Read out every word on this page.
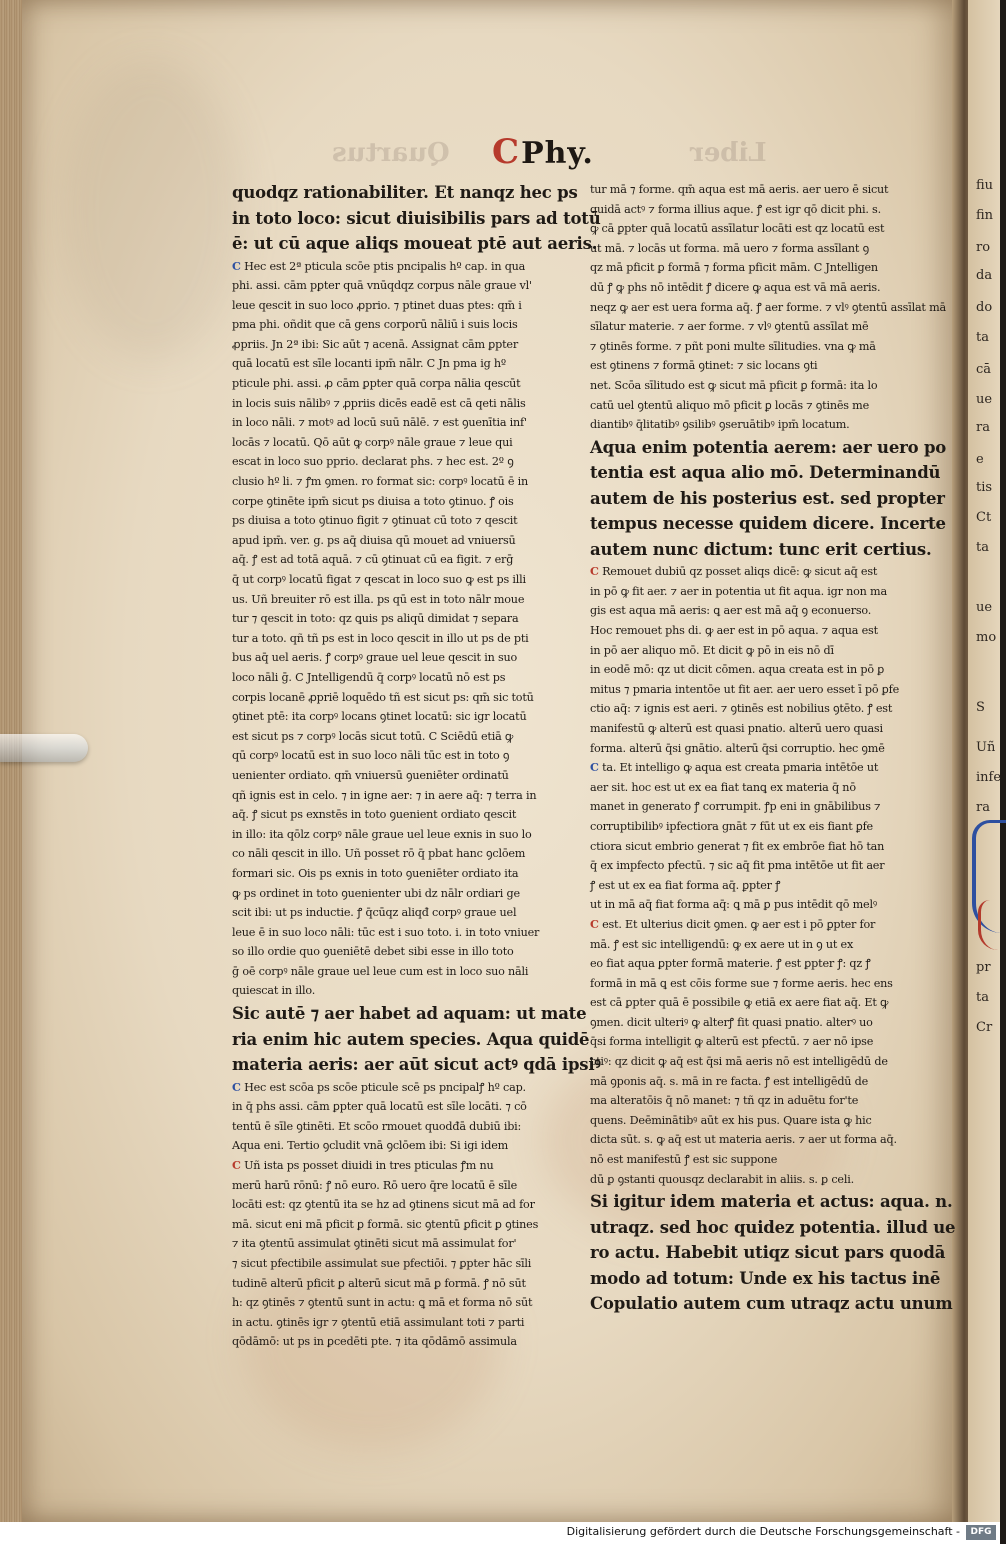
fiu
fin
ro
da
do
ta
cā
ue
ra
e
tis
Ct
ta
ue
mo
S
Uñ
infe
ra
pr
ta
Cr
Quartus	Liber
CPhy.
quodqz rationabiliter. Et nanqz hec ps
in toto loco: sicut diuisibilis pars ad totū
ē: ut cū aque aliqs moueat ptē aut aeris.
C Hec est 2ª pticula scōe ptis pncipalis hº cap. in qua
phi. assi. cām pꝑter quā vnūqdqz corpus nāle graue vl'
leue qescit in suo loco ꝓprio. ⁊ ptinet duas ptes: qm̄ i
pma phi. oñdit que cā gens corporū nāliū i suis locis
ꝓpriis. Jn 2ª ibi: Sic aūt ⁊ acenā. Assignat cām ꝑpter
quā locatū est sīle locanti ipm̄ nālr. C Jn pma ig hº
pticule phi. assi. ꝓ cām ꝑpter quā corpa nālia qescūt
in locis suis nālibꝰ ⁊ ꝓpriis dicēs eadē est cā qeti nālis
in loco nāli. ⁊ motꝰ ad locū suū nālē. ⁊ est ꝯuenītia inf'
locās ⁊ locatū. Qō aūt ꝙ corpꝰ nāle graue ⁊ leue qui
escat in loco suo pprio. declarat phs. ⁊ hec est. 2º ꝯ
clusio hº li. ⁊ ꝭm ꝯmen. ro format sic: corpꝰ locatū ē in
corpe ꝯtinēte ipm̄ sicut ps diuisa a toto ꝯtinuo. ꝭ ois
ps diuisa a toto ꝯtinuo figit ⁊ ꝯtinuat cū toto ⁊ qescit
apud ipm̄. ver. g. ps aq̄ diuisa qū mouet ad vniuersū
aq̄. ꝭ est ad totā aquā. ⁊ cū ꝯtinuat cū ea figit. ⁊ erḡ
q̄ ut corpꝰ locatū figat ⁊ qescat in loco suo ꝙ est ps illi
us. Uñ breuiter rō est illa. ps qū est in toto nālr moue
tur ⁊ qescit in toto: qz ꝗuis ps aliqū dimidat ⁊ separa
tur a toto. qñ tñ ps est in loco qescit in illo ut ps de pti
bus aq̄ uel aeris. ꝭ corpꝰ graue uel leue qescit in suo
loco nāli ḡ. C Jntelligendū q̄ corpꝰ locatū nō est ps
corpis locanē ꝓpriē loquēdo tñ est sicut ps: qm̄ sic totū
ꝯtinet ptē: ita corpꝰ locans ꝯtinet locatū: sic igr locatū
est sicut ps ⁊ corpꝰ locās sicut totū. C Sciēdū etiā ꝙ
qū corpꝰ locatū est in suo loco nāli tūc est in toto ꝯ
uenienter ordiato. qm̄ vniuersū ꝯueniēter ordinatū
qñ ignis est in celo. ⁊ in igne aer: ⁊ in aere aq̄: ⁊ terra in
aq̄. ꝭ sicut ps exnstēs in toto ꝯuenient ordiato qescit
in illo: ita qōlz corpꝰ nāle graue uel leue exnis in suo lo
co nāli qescit in illo. Uñ posset rō q̄ pbat hanc ꝯclōem
formari sic. Ois ps exnis in toto ꝯueniēter ordiato ita
ꝙ ps ordinet in toto ꝯuenienter ubi dz nālr ordiari ge
scit ibi: ut ps inductie. ꝭ q̄cūqz aliqđ corpꝰ graue uel
leue ē in suo loco nāli: tūc est i suo toto. i. in toto vniuer
so illo ordie quo ꝯueniētē debet sibi esse in illo toto
ḡ oē corpꝰ nāle graue uel leue cum est in loco suo nāli
quiescat in illo.
Sic autē ⁊ aer habet ad aquam: ut mate
ria enim hic autem species. Aqua quidē
materia aeris: aer aūt sicut actꝰ qdā ipsiꝰ
C Hec est scōa ps scōe pticule scē ps pncipalꝭ hº cap.
in q̄ phs assi. cām ꝑpter quā locatū est sīle locāti. ⁊ cō
tentū ē sīle ꝯtinēti. Et scōo rmouet quodđā dubiū ibi:
Aqua eni. Tertio ꝯcludit vnā ꝯclōem ibi: Si igi idem
C Uñ ista ps posset diuidi in tres pticulas ꝭm nu
merū harū rōnū: ꝭ nō euro. Rō uero q̄re locatū ē sīle
locāti est: qz ꝯtentū ita se hz ad ꝯtinens sicut mā ad for
mā. sicut eni mā pficit ꝑ formā. sic ꝯtentū ꝑficit ꝑ ꝯtines
⁊ ita ꝯtentū assimulat ꝯtinēti sicut mā assimulat for'
⁊ sicut pfectibile assimulat sue pfectiōi. ⁊ ꝑpter hāc sīli
tudinē alterū pficit ꝑ alterū sicut mā ꝑ formā. ꝭ nō sūt
h: qz ꝯtinēs ⁊ ꝯtentū sunt in actu: ꝗ mā et forma nō sūt
in actu. ꝯtinēs igr ⁊ ꝯtentū etiā assimulant toti ⁊ parti
qōdāmō: ut ps in ꝑcedēti pte. ⁊ ita qōdāmō assimula
tur mā ⁊ forme. qm̄ aqua est mā aeris. aer uero ē sicut
quidā actꝰ ⁊ forma illius aque. ꝭ est igr qō dicit phi. s.
ꝙ cā ꝑpter quā locatū assīlatur locāti est qz locatū est
ut mā. ⁊ locās ut forma. mā uero ⁊ forma assīlant ꝯ
qz mā pficit ꝑ formā ⁊ forma pficit mām. C Jntelligen
dū ꝭ ꝙ phs nō intēdit ꝭ dicere ꝙ aqua est vā mā aeris.
neqz ꝙ aer est uera forma aq̄. ꝭ aer forme. ⁊ vlꝰ ꝯtentū assīlat mā
sīlatur materie. ⁊ aer forme. ⁊ vlꝰ ꝯtentū assīlat mē
⁊ ꝯtinēs forme. ⁊ pñt poni multe sīlitudies. vna ꝙ mā
est ꝯtinens ⁊ formā ꝯtinet: ⁊ sic locans ꝯti
net. Scōa sīlitudo est ꝙ sicut mā pficit ꝑ formā: ita lo
catū uel ꝯtentū aliquo mō pficit ꝑ locās ⁊ ꝯtinēs me
diantibꝰ q̄litatibꝰ ꝯsilibꝰ ꝯseruātibꝰ ipm̄ locatum.
Aqua enim potentia aerem: aer uero po
tentia est aqua alio mō. Determinandū
autem de his posterius est. sed propter
tempus necesse quidem dicere. Incerte
autem nunc dictum: tunc erit certius.
C Remouet dubiū qz posset aliqs dicē: ꝙ sicut aq̄ est
in pō ꝙ fit aer. ⁊ aer in potentia ut fit aqua. igr non ma
gis est aqua mā aeris: ꝗ aer est mā aq̄ ꝯ econuerso.
Hoc remouet phs di. ꝙ aer est in pō aqua. ⁊ aqua est
in pō aer aliquo mō. Et dicit ꝙ pō in eis nō dī
in eodē mō: qz ut dicit cōmen. aqua creata est in pō ꝑ
mitus ⁊ pmaria intentōe ut fit aer. aer uero esset ī pō ꝑfe
ctio aq̄: ⁊ ignis est aeri. ⁊ ꝯtinēs est nobilius ꝯtēto. ꝭ est
manifestū ꝙ alterū est quasi pnatio. alterū uero quasi
forma. alterū q̄si gnātio. alterū q̄si corruptio. hec ꝯmē
C ta. Et intelligo ꝙ aqua est creata pmaria intētōe ut
aer sit. hoc est ut ex ea fiat tanꝗ ex materia q̄ nō
manet in generato ꝭ corrumpit. ꝭp eni in gnābilibus ⁊
corruptibilibꝰ ipfectiora gnāt ⁊ fūt ut ex eis fiant ꝑfe
ctiora sicut embrio generat ⁊ fit ex embrōe fiat hō tan
q̄ ex impfecto pfectū. ⁊ sic aq̄ fit pma intētōe ut fit aer
ꝭ est ut ex ea fiat forma aq̄. ꝑpter ꝭ
ut in mā aq̄ fiat forma aq̄: ꝗ mā ꝑ pus intēdit qō melꝰ
C est. Et ulterius dicit ꝯmen. ꝙ aer est i pō ꝑpter for
mā. ꝭ est sic intelligendū: ꝙ ex aere ut in ꝯ ut ex
eo fiat aqua ꝑpter formā materie. ꝭ est ꝑpter ꝭ: qz ꝭ
formā in mā ꝗ est cōis forme sue ⁊ forme aeris. hec ens
est cā ꝑpter quā ē possibile ꝙ etiā ex aere fiat aq̄. Et ꝙ
ꝯmen. dicit ulteriꝰ ꝙ alterꝭ fit quasi pnatio. alterꝰ uo
q̄si forma intelligit ꝙ alterū est pfectū. ⁊ aer nō ipse
ctiꝰ: qz dicit ꝙ aq̄ est q̄si mā aeris nō est intelligēdū de
mā ꝯponis aq̄. s. mā in re facta. ꝭ est intelligēdū de
ma alteratōis q̄ nō manet: ⁊ tñ qz in aduētu for'te
quens. Deēminātibꝰ aūt ex his pus. Quare ista ꝙ hic
dicta sūt. s. ꝙ aq̄ est ut materia aeris. ⁊ aer ut forma aq̄.
nō est manifestū ꝭ est sic suppone
dū ꝑ ꝯstanti quousqz declarabit in aliis. s. ꝑ celi.
Si igitur idem materia et actus: aqua. n.
utraqz. sed hoc quidez potentia. illud ue
ro actu. Habebit utiqz sicut pars quodā
modo ad totum: Unde ex his tactus inē
Copulatio autem cum utraqz actu unum
Digitalisierung gefördert durch die Deutsche Forschungsgemeinschaft -	DFG
